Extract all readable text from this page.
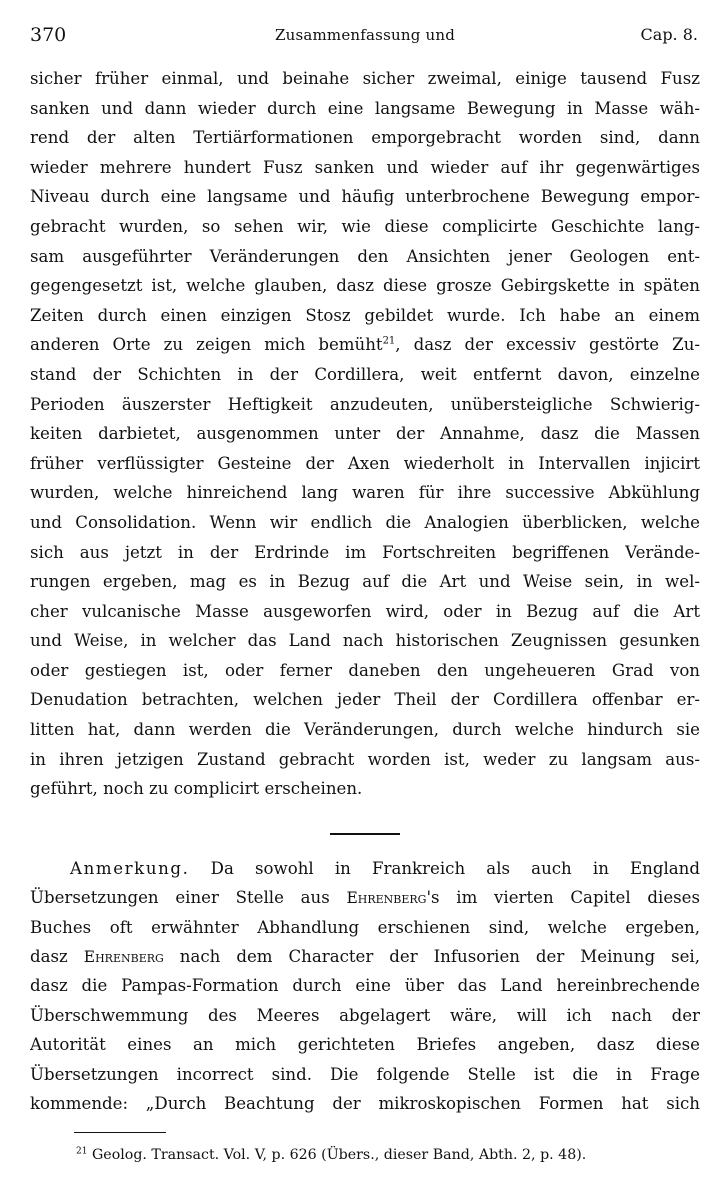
370	Zusammenfassung und	Cap. 8.
sicher früher einmal, und beinahe sicher zweimal, einige tausend Fusz
sanken und dann wieder durch eine langsame Bewegung in Masse wäh-
rend der alten Tertiärformationen emporgebracht worden sind, dann
wieder mehrere hundert Fusz sanken und wieder auf ihr gegenwärtiges
Niveau durch eine langsame und häufig unterbrochene Bewegung empor-
gebracht wurden, so sehen wir, wie diese complicirte Geschichte lang-
sam ausgeführter Veränderungen den Ansichten jener Geologen ent-
gegengesetzt ist, welche glauben, dasz diese grosze Gebirgskette in späten
Zeiten durch einen einzigen Stosz gebildet wurde. Ich habe an einem
anderen Orte zu zeigen mich bemüht$^{21}$, dasz der excessiv gestörte Zu-
stand der Schichten in der Cordillera, weit entfernt davon, einzelne
Perioden äuszerster Heftigkeit anzudeuten, unübersteigliche Schwierig-
keiten darbietet, ausgenommen unter der Annahme, dasz die Massen
früher verflüssigter Gesteine der Axen wiederholt in Intervallen injicirt
wurden, welche hinreichend lang waren für ihre successive Abkühlung
und Consolidation. Wenn wir endlich die Analogien überblicken, welche
sich aus jetzt in der Erdrinde im Fortschreiten begriffenen Verände-
rungen ergeben, mag es in Bezug auf die Art und Weise sein, in wel-
cher vulcanische Masse ausgeworfen wird, oder in Bezug auf die Art
und Weise, in welcher das Land nach historischen Zeugnissen gesunken
oder gestiegen ist, oder ferner daneben den ungeheueren Grad von
Denudation betrachten, welchen jeder Theil der Cordillera offenbar er-
litten hat, dann werden die Veränderungen, durch welche hindurch sie
in ihren jetzigen Zustand gebracht worden ist, weder zu langsam aus-
geführt, noch zu complicirt erscheinen.
Anmerkung. Da sowohl in Frankreich als auch in England
Übersetzungen einer Stelle aus Ehrenberg's im vierten Capitel dieses
Buches oft erwähnter Abhandlung erschienen sind, welche ergeben,
dasz Ehrenberg nach dem Character der Infusorien der Meinung sei,
dasz die Pampas-Formation durch eine über das Land hereinbrechende
Überschwemmung des Meeres abgelagert wäre, will ich nach der
Autorität eines an mich gerichteten Briefes angeben, dasz diese
Übersetzungen incorrect sind. Die folgende Stelle ist die in Frage
kommende: „Durch Beachtung der mikroskopischen Formen hat sich
$^{21}$ Geolog. Transact. Vol. V, p. 626 (Übers., dieser Band, Abth. 2, p. 48).
